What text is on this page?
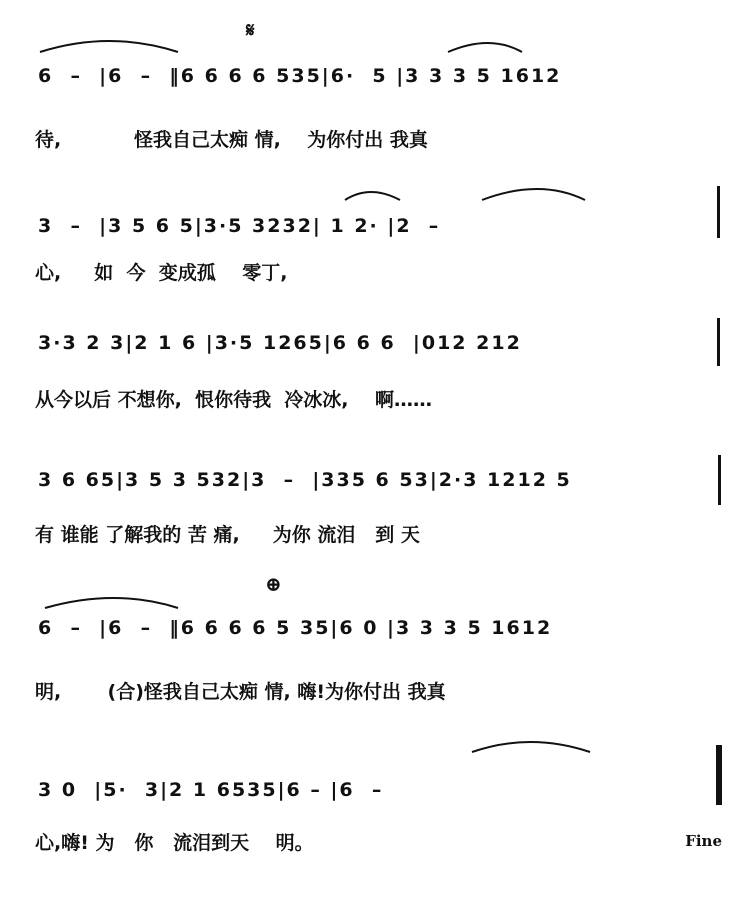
6  –  |6  –  ‖6 6 6 6 535|6·  5 |3 3 3 5 1612
3  –  |3 5 6 5|3·5 3232| 1 2· |2  –
3·3 2 3|2 1 6 |3·5 1265|6 6 6  |012 212
3 6 65|3 5 3 532|3  –  |335 6 53|2·3 1212 5
6  –  |6  –  ‖6 6 6 6 5 35|6 0 |3 3 3 5 1612
3 0  |5·  3|2 1 6535|6 – |6  –
待,           怪我自己太痴 情,    为你付出 我真
心,     如  今  变成孤    零丁,
从今以后 不想你,  恨你待我  冷冰冰,    啊……
有 谁能 了解我的 苦 痛,     为你 流泪   到 天
明,       (合)怪我自己太痴 情, 嗨!为你付出 我真
心,嗨! 为   你   流泪到天    明。
𝄋
⊕
Fine
